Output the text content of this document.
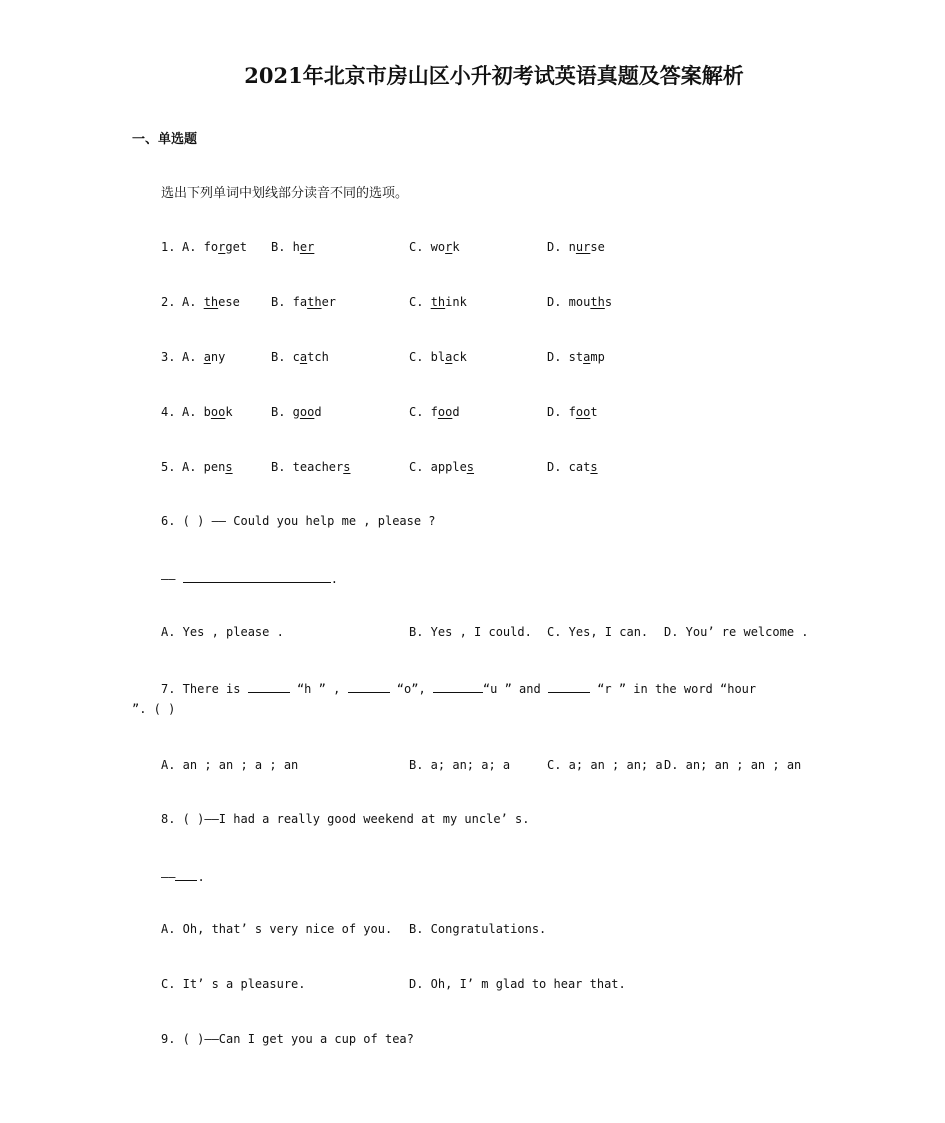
2021年北京市房山区小升初考试英语真题及答案解析
一、单选题
选出下列单词中划线部分读音不同的选项。
1. A. forget B. her	C. work	D. nurse
2. A. these	B. father	C. think	D. mouths
3. A. any	B. catch	C. black	D. stamp
4. A. book	B. good	C. food	D. foot
5. A. pens	B. teachers	C. apples	D. cats
6. ( ) —— Could you help me , please ?
——	.
A. Yes , please .	B. Yes , I could. C. Yes, I can. D. You’ re welcome .
7. There is	“h ” ,	“o”,	“u ” and	“r ” in the word “hour
”. ( )
A. an ; an ; a ; an	B. a; an; a; a	C. a; an ; an; a D. an; an ; an ; an
8. ( )——I had a really good weekend at my uncle’ s.
—— .
A. Oh, that’ s very nice of you. B. Congratulations.
C. It’ s a pleasure.	D. Oh, I’ m glad to hear that.
9. ( )——Can I get you a cup of tea?
